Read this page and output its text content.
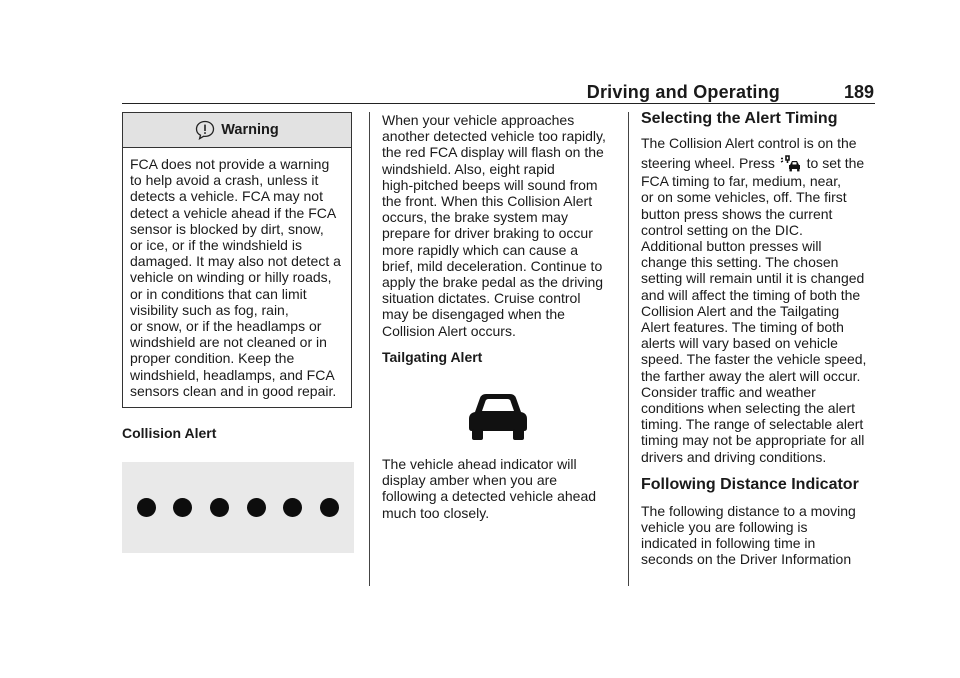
Driving and Operating	189
Warning
FCA does not provide a warning
to help avoid a crash, unless it
detects a vehicle. FCA may not
detect a vehicle ahead if the FCA
sensor is blocked by dirt, snow,
or ice, or if the windshield is
damaged. It may also not detect a
vehicle on winding or hilly roads,
or in conditions that can limit
visibility such as fog, rain,
or snow, or if the headlamps or
windshield are not cleaned or in
proper condition. Keep the
windshield, headlamps, and FCA
sensors clean and in good repair.

Collision Alert

When your vehicle approaches
another detected vehicle too rapidly,
the red FCA display will flash on the
windshield. Also, eight rapid
high-pitched beeps will sound from
the front. When this Collision Alert
occurs, the brake system may
prepare for driver braking to occur
more rapidly which can cause a
brief, mild deceleration. Continue to
apply the brake pedal as the driving
situation dictates. Cruise control
may be disengaged when the
Collision Alert occurs.

Tailgating Alert

The vehicle ahead indicator will
display amber when you are
following a detected vehicle ahead
much too closely.

Selecting the Alert Timing

The Collision Alert control is on the
steering wheel. Press to set the
FCA timing to far, medium, near,
or on some vehicles, off. The first
button press shows the current
control setting on the DIC.
Additional button presses will
change this setting. The chosen
setting will remain until it is changed
and will affect the timing of both the
Collision Alert and the Tailgating
Alert features. The timing of both
alerts will vary based on vehicle
speed. The faster the vehicle speed,
the farther away the alert will occur.
Consider traffic and weather
conditions when selecting the alert
timing. The range of selectable alert
timing may not be appropriate for all
drivers and driving conditions.

Following Distance Indicator

The following distance to a moving
vehicle you are following is
indicated in following time in
seconds on the Driver Information
